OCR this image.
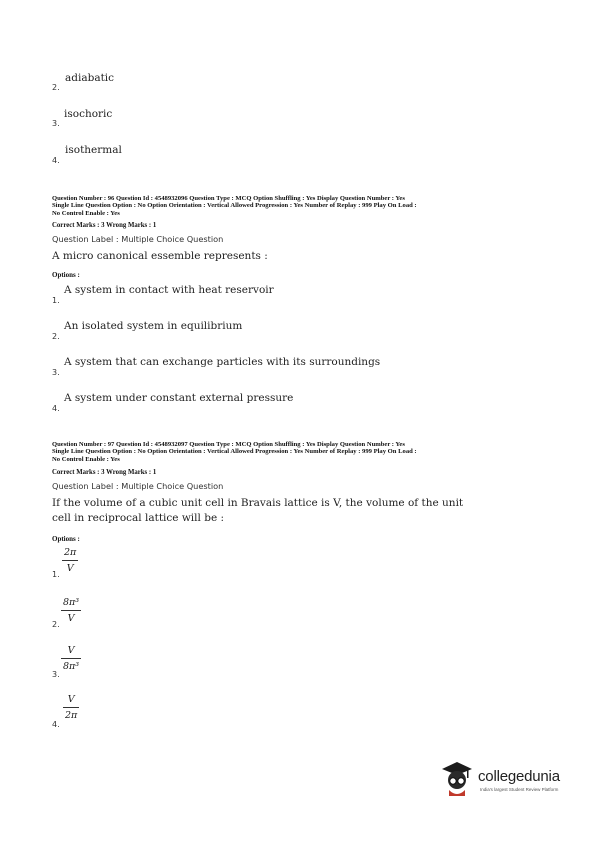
2.
adiabatic
3.
isochoric
4.
isothermal
Question Number : 96 Question Id : 4548932096 Question Type : MCQ Option Shuffling : Yes Display Question Number : Yes
Single Line Question Option : No Option Orientation : Vertical Allowed Progression : Yes Number of Replay : 999 Play On Load :
No Control Enable : Yes
Correct Marks : 3 Wrong Marks : 1
Question Label : Multiple Choice Question
A micro canonical essemble represents :
Options :
1.
A system in contact with heat reservoir
2.
An isolated system in equilibrium
3.
A system that can exchange particles with its surroundings
4.
A system under constant external pressure
Question Number : 97 Question Id : 4548932097 Question Type : MCQ Option Shuffling : Yes Display Question Number : Yes
Single Line Question Option : No Option Orientation : Vertical Allowed Progression : Yes Number of Replay : 999 Play On Load :
No Control Enable : Yes
Correct Marks : 3 Wrong Marks : 1
Question Label : Multiple Choice Question
If the volume of a cubic unit cell in Bravais lattice is V, the volume of the unit
cell in reciprocal lattice will be :
Options :
1.
2π
V
2.
8π³
V
3.
V
8π³
4.
V
2π
collegedunia
India's largest Student Review Platform
